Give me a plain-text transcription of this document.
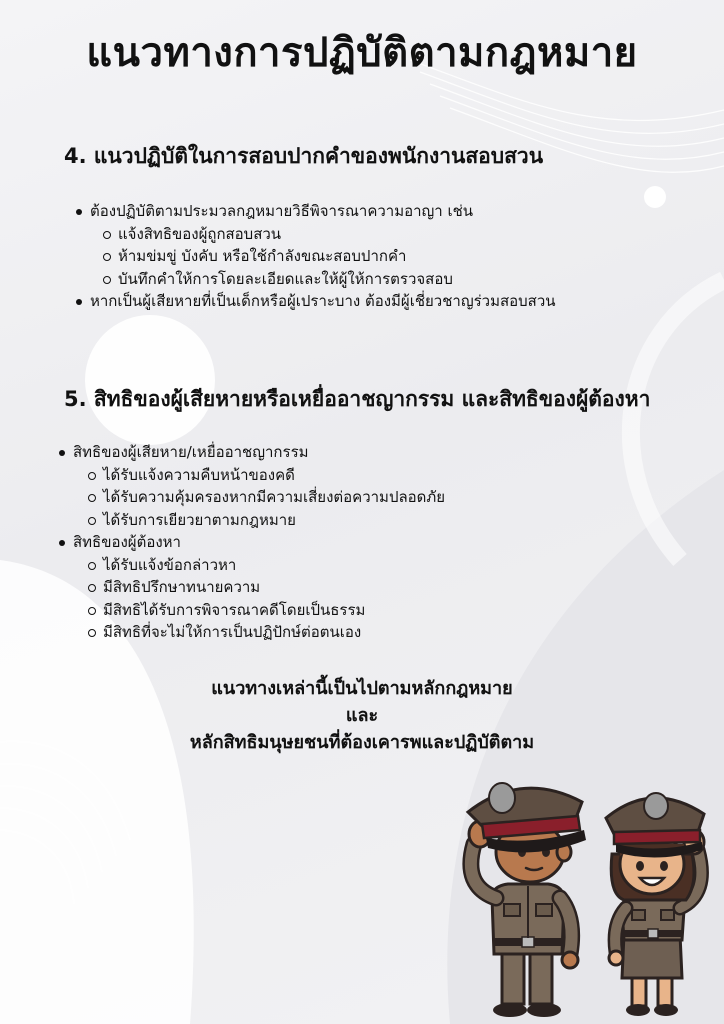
แนวทางการปฏิบัติตามกฎหมาย
4. แนวปฏิบัติในการสอบปากคำของพนักงานสอบสวน
ต้องปฏิบัติตามประมวลกฎหมายวิธีพิจารณาความอาญา เช่น
แจ้งสิทธิของผู้ถูกสอบสวน
ห้ามข่มขู่ บังคับ หรือใช้กำลังขณะสอบปากคำ
บันทึกคำให้การโดยละเอียดและให้ผู้ให้การตรวจสอบ
หากเป็นผู้เสียหายที่เป็นเด็กหรือผู้เปราะบาง ต้องมีผู้เชี่ยวชาญร่วมสอบสวน
5. สิทธิของผู้เสียหายหรือเหยื่ออาชญากรรม และสิทธิของผู้ต้องหา
สิทธิของผู้เสียหาย/เหยื่ออาชญากรรม
ได้รับแจ้งความคืบหน้าของคดี
ได้รับความคุ้มครองหากมีความเสี่ยงต่อความปลอดภัย
ได้รับการเยียวยาตามกฎหมาย
สิทธิของผู้ต้องหา
ได้รับแจ้งข้อกล่าวหา
มีสิทธิปรึกษาทนายความ
มีสิทธิได้รับการพิจารณาคดีโดยเป็นธรรม
มีสิทธิที่จะไม่ให้การเป็นปฏิปักษ์ต่อตนเอง

แนวทางเหล่านี้เป็นไปตามหลักกฎหมาย
และ
หลักสิทธิมนุษยชนที่ต้องเคารพและปฏิบัติตาม
